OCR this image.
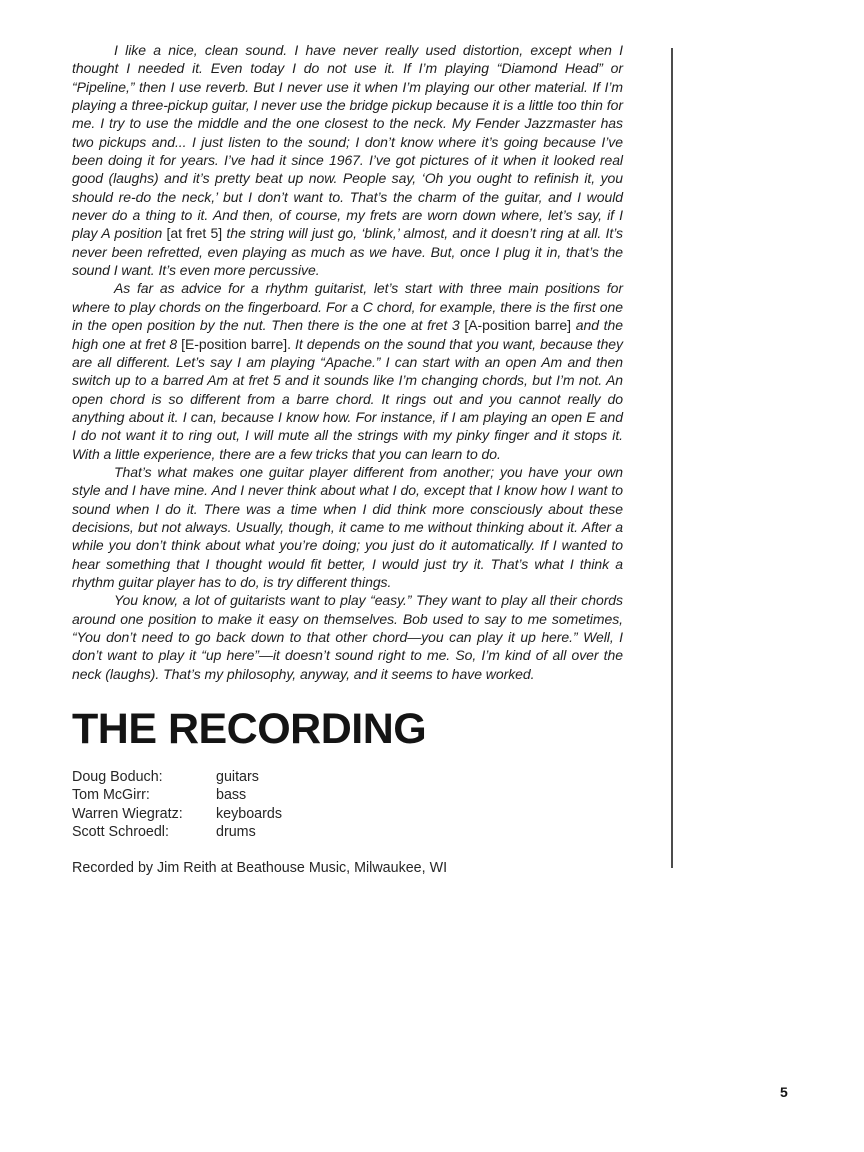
I like a nice, clean sound. I have never really used distortion, except when I thought I needed it. Even today I do not use it. If I’m playing “Diamond Head” or “Pipeline,” then I use reverb. But I never use it when I’m playing our other material. If I’m playing a three-pickup guitar, I never use the bridge pickup because it is a little too thin for me. I try to use the middle and the one closest to the neck. My Fender Jazzmaster has two pickups and... I just listen to the sound; I don’t know where it’s going because I’ve been doing it for years. I’ve had it since 1967. I’ve got pictures of it when it looked real good (laughs) and it’s pretty beat up now. People say, ‘Oh you ought to refinish it, you should re-do the neck,’ but I don’t want to. That’s the charm of the guitar, and I would never do a thing to it. And then, of course, my frets are worn down where, let’s say, if I play A position [at fret 5] the string will just go, ‘blink,’ almost, and it doesn’t ring at all. It’s never been refretted, even playing as much as we have. But, once I plug it in, that’s the sound I want. It’s even more percussive.

As far as advice for a rhythm guitarist, let’s start with three main positions for where to play chords on the fingerboard. For a C chord, for example, there is the first one in the open position by the nut. Then there is the one at fret 3 [A-position barre] and the high one at fret 8 [E-position barre]. It depends on the sound that you want, because they are all different. Let’s say I am playing “Apache.” I can start with an open Am and then switch up to a barred Am at fret 5 and it sounds like I’m changing chords, but I’m not. An open chord is so different from a barre chord. It rings out and you cannot really do anything about it. I can, because I know how. For instance, if I am playing an open E and I do not want it to ring out, I will mute all the strings with my pinky finger and it stops it. With a little experience, there are a few tricks that you can learn to do.

That’s what makes one guitar player different from another; you have your own style and I have mine. And I never think about what I do, except that I know how I want to sound when I do it. There was a time when I did think more consciously about these decisions, but not always. Usually, though, it came to me without thinking about it. After a while you don’t think about what you’re doing; you just do it automatically. If I wanted to hear something that I thought would fit better, I would just try it. That’s what I think a rhythm guitar player has to do, is try different things.

You know, a lot of guitarists want to play “easy.” They want to play all their chords around one position to make it easy on themselves. Bob used to say to me sometimes, “You don’t need to go back down to that other chord—you can play it up here.” Well, I don’t want to play it “up here”—it doesn’t sound right to me. So, I’m kind of all over the neck (laughs). That’s my philosophy, anyway, and it seems to have worked.

THE RECORDING
Doug Boduch:	guitars
Tom McGirr:	bass
Warren Wiegratz:	keyboards
Scott Schroedl:	drums

Recorded by Jim Reith at Beathouse Music, Milwaukee, WI

5
